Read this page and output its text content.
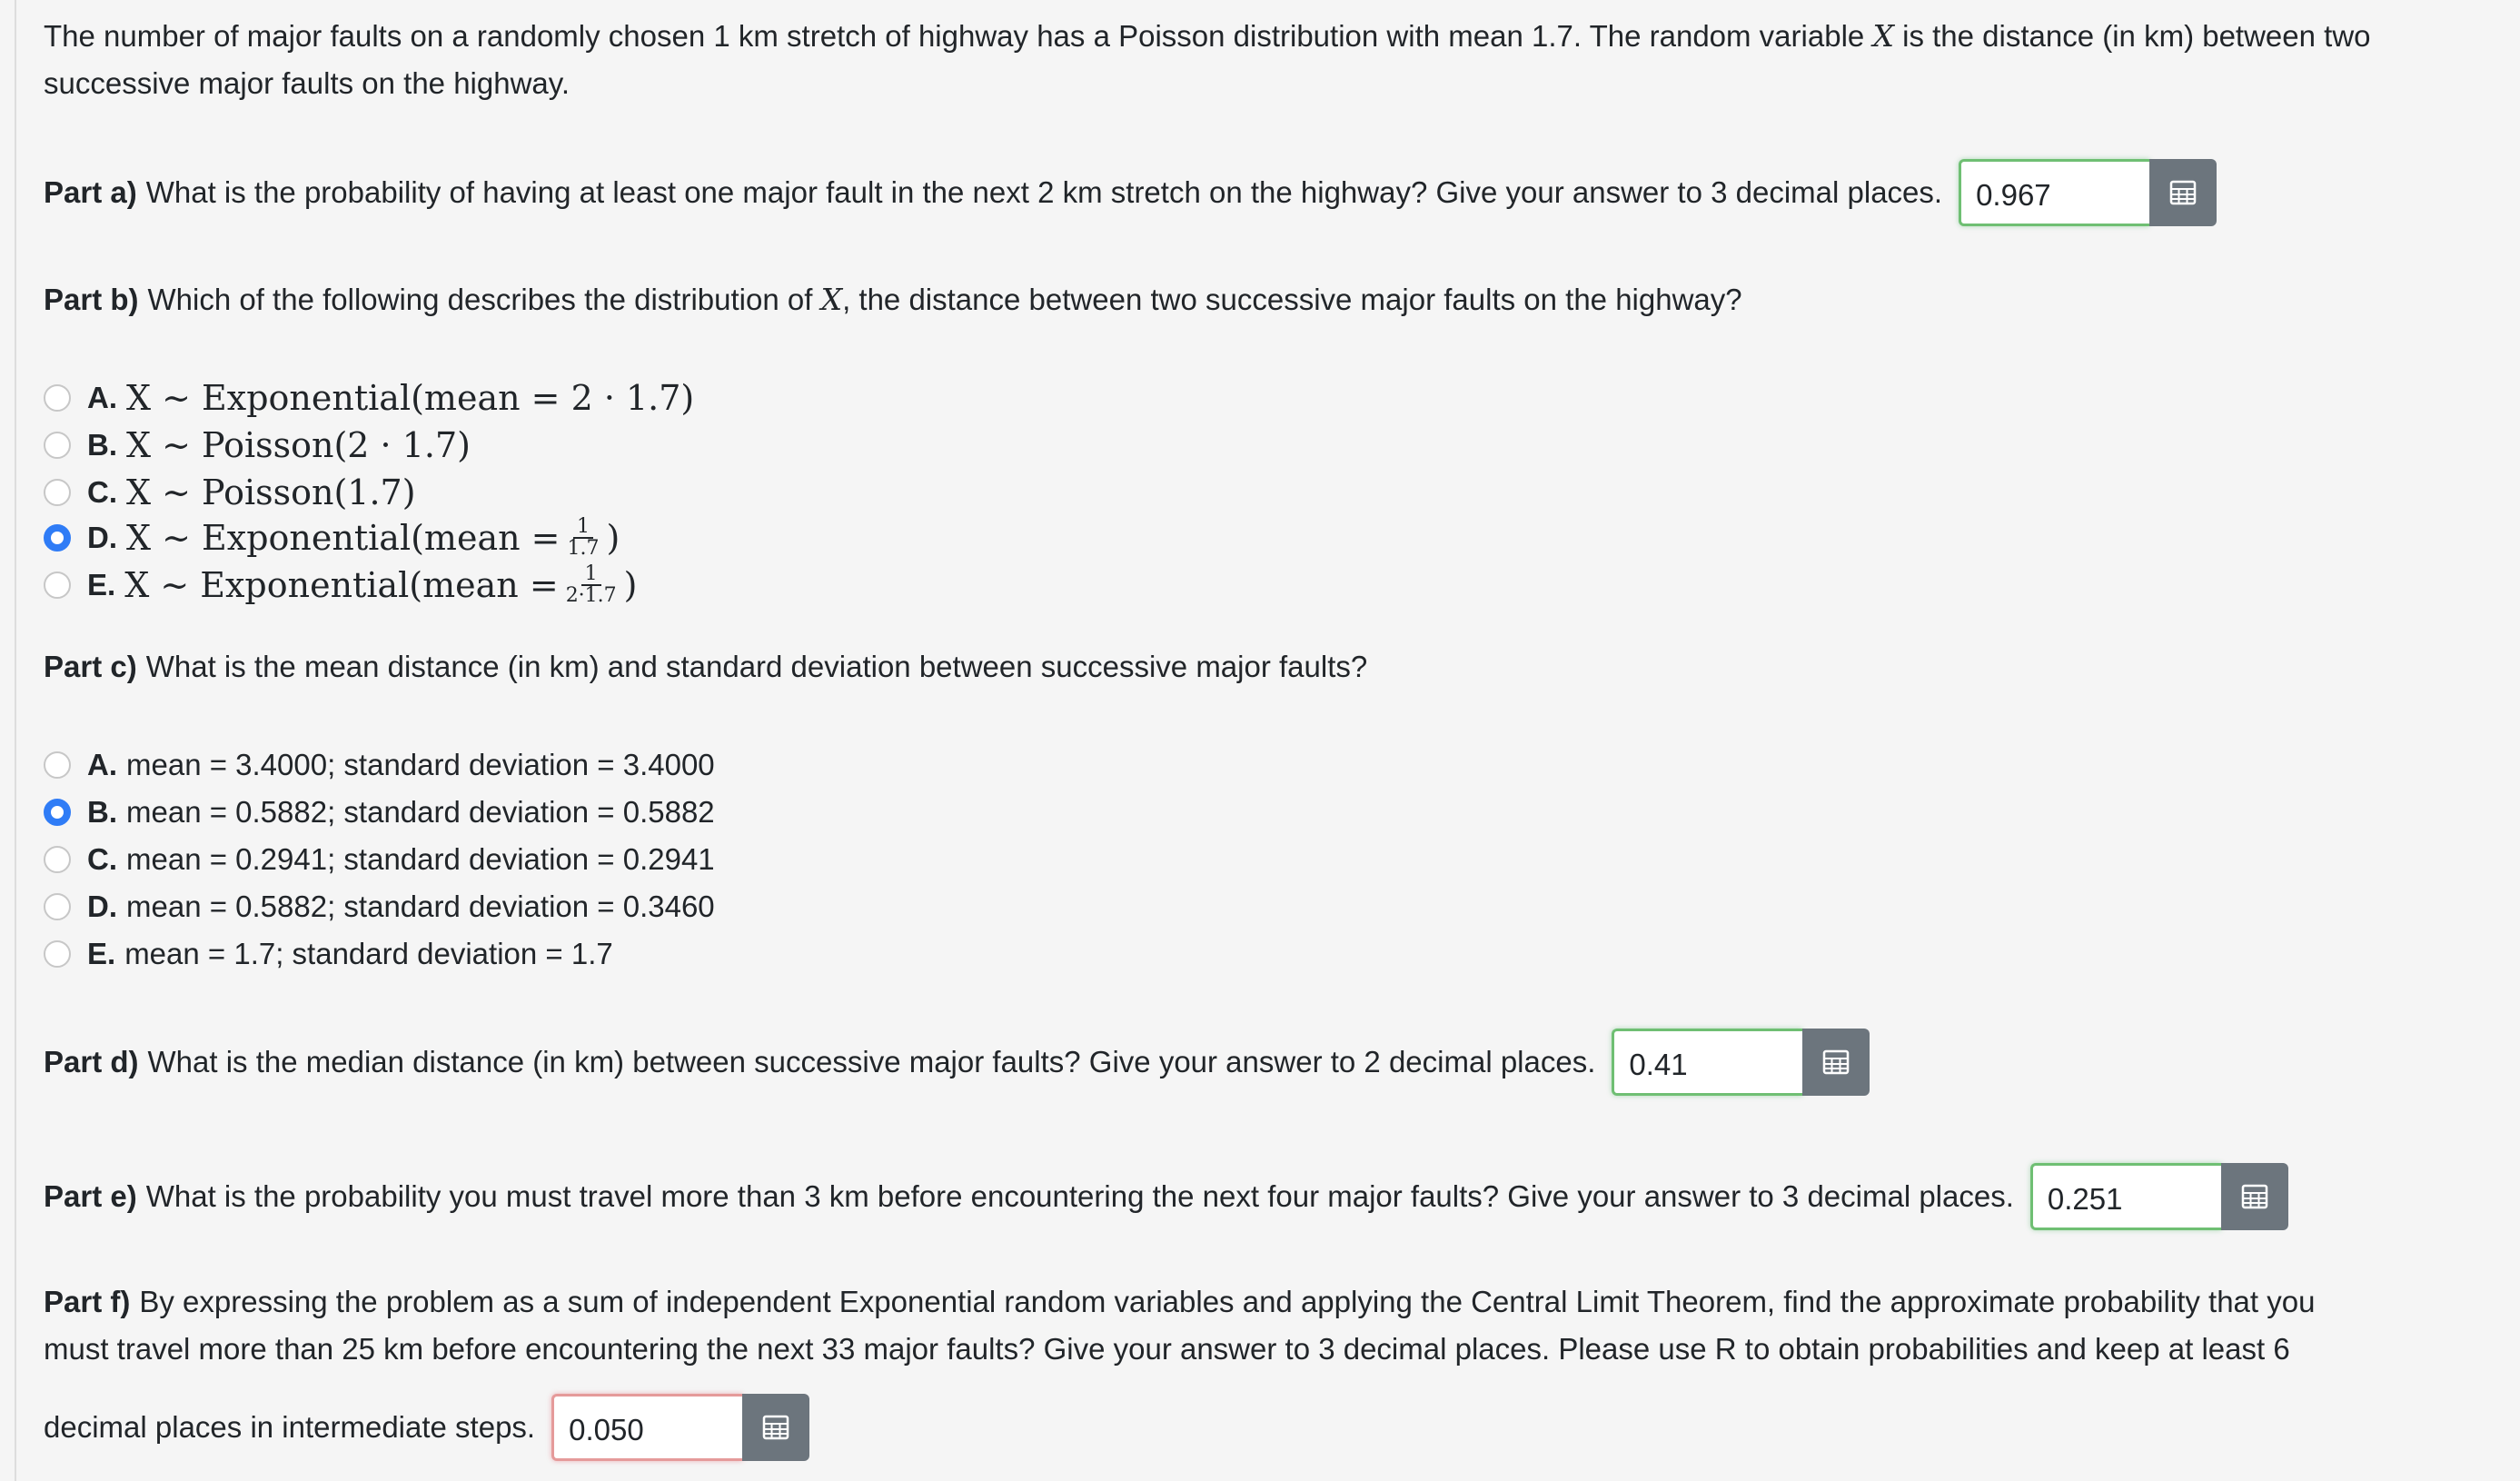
The number of major faults on a randomly chosen 1 km stretch of highway has a Poisson distribution with mean 1.7. The random variable X is the distance (in km) between two successive major faults on the highway.
Part a) What is the probability of having at least one major fault in the next 2 km stretch on the highway? Give your answer to 3 decimal places.
0.967
Part b) Which of the following describes the distribution of
X , the distance between two successive major faults on the highway?
A. X ∼ Exponential(mean = 2 · 1.7)
B. X ∼ Poisson(2 · 1.7)
C. X ∼ Poisson(1.7)
D. X ∼ Exponential(mean = $\frac{1}{1.7}$ )
E. X ∼ Exponential(mean = $\frac{1}{2\cdot 1.7}$ )
Part c) What is the mean distance (in km) and standard deviation between successive major faults?
A. mean = 3.4000; standard deviation = 3.4000
B. mean = 0.5882; standard deviation = 0.5882
C. mean = 0.2941; standard deviation = 0.2941
D. mean = 0.5882; standard deviation = 0.3460
E. mean = 1.7; standard deviation = 1.7
Part d) What is the median distance (in km) between successive major faults? Give your answer to 2 decimal places.
0.41
Part e) What is the probability you must travel more than 3 km before encountering the next four major faults? Give your answer to 3 decimal places.
0.251
Part f) By expressing the problem as a sum of independent Exponential random variables and applying the Central Limit Theorem, find the approximate probability that you
must travel more than 25 km before encountering the next 33 major faults? Give your answer to 3 decimal places. Please use R to obtain probabilities and keep at least 6
decimal places in intermediate steps.
0.050
